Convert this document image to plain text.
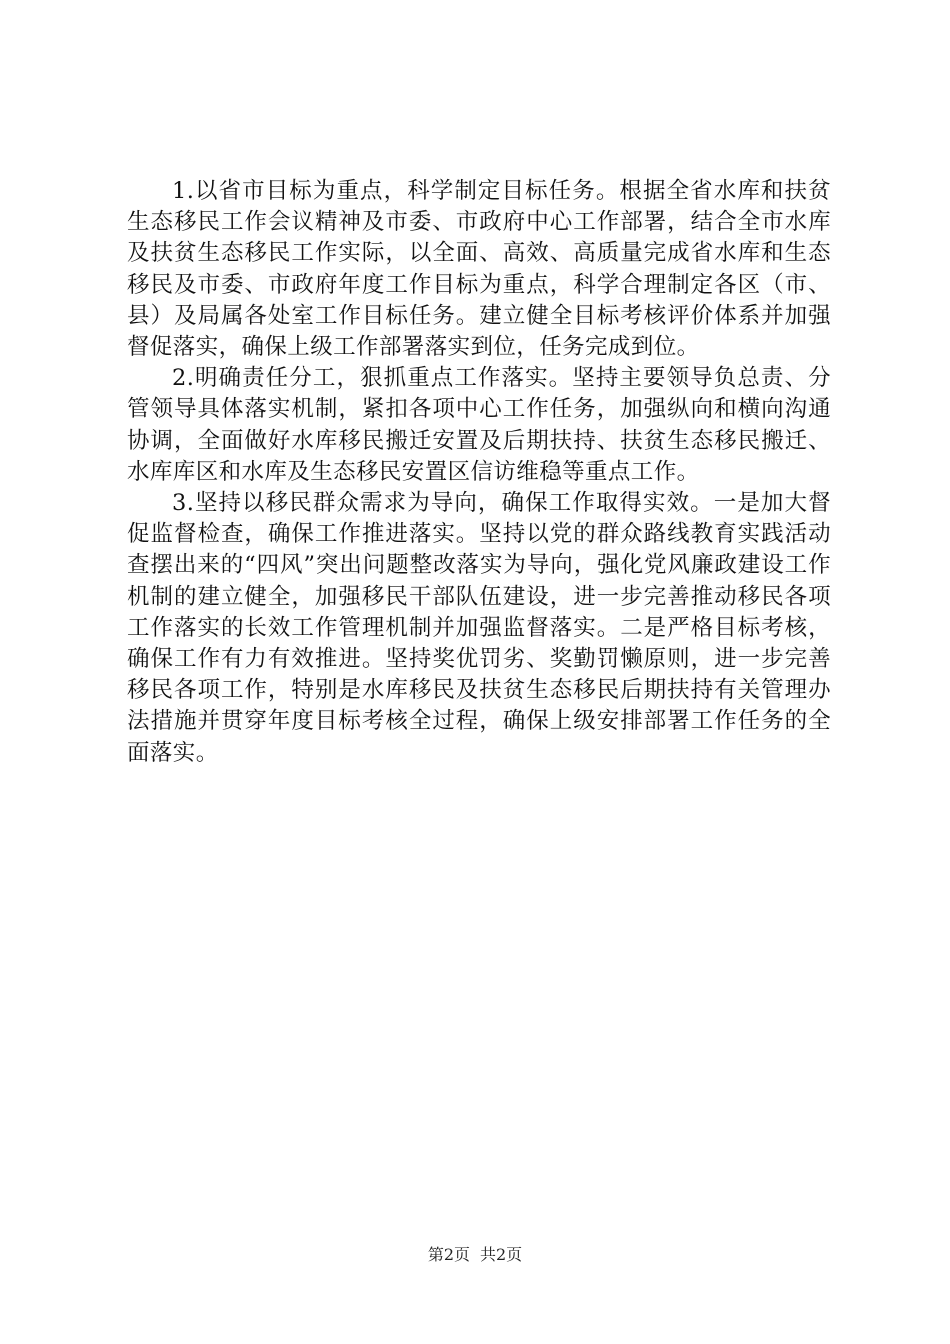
1.以省市目标为重点，科学制定目标任务。根据全省水库和扶贫生态移民工作会议精神及市委、市政府中心工作部署，结合全市水库及扶贫生态移民工作实际，以全面、高效、高质量完成省水库和生态移民及市委、市政府年度工作目标为重点，科学合理制定各区（市、县）及局属各处室工作目标任务。建立健全目标考核评价体系并加强督促落实，确保上级工作部署落实到位，任务完成到位。

2.明确责任分工，狠抓重点工作落实。坚持主要领导负总责、分管领导具体落实机制，紧扣各项中心工作任务，加强纵向和横向沟通协调，全面做好水库移民搬迁安置及后期扶持、扶贫生态移民搬迁、水库库区和水库及生态移民安置区信访维稳等重点工作。

3.坚持以移民群众需求为导向，确保工作取得实效。一是加大督促监督检查，确保工作推进落实。坚持以党的群众路线教育实践活动查摆出来的“四风”突出问题整改落实为导向，强化党风廉政建设工作机制的建立健全，加强移民干部队伍建设，进一步完善推动移民各项工作落实的长效工作管理机制并加强监督落实。二是严格目标考核，确保工作有力有效推进。坚持奖优罚劣、奖勤罚懒原则，进一步完善移民各项工作，特别是水库移民及扶贫生态移民后期扶持有关管理办法措施并贯穿年度目标考核全过程，确保上级安排部署工作任务的全面落实。

第2页 共2页
